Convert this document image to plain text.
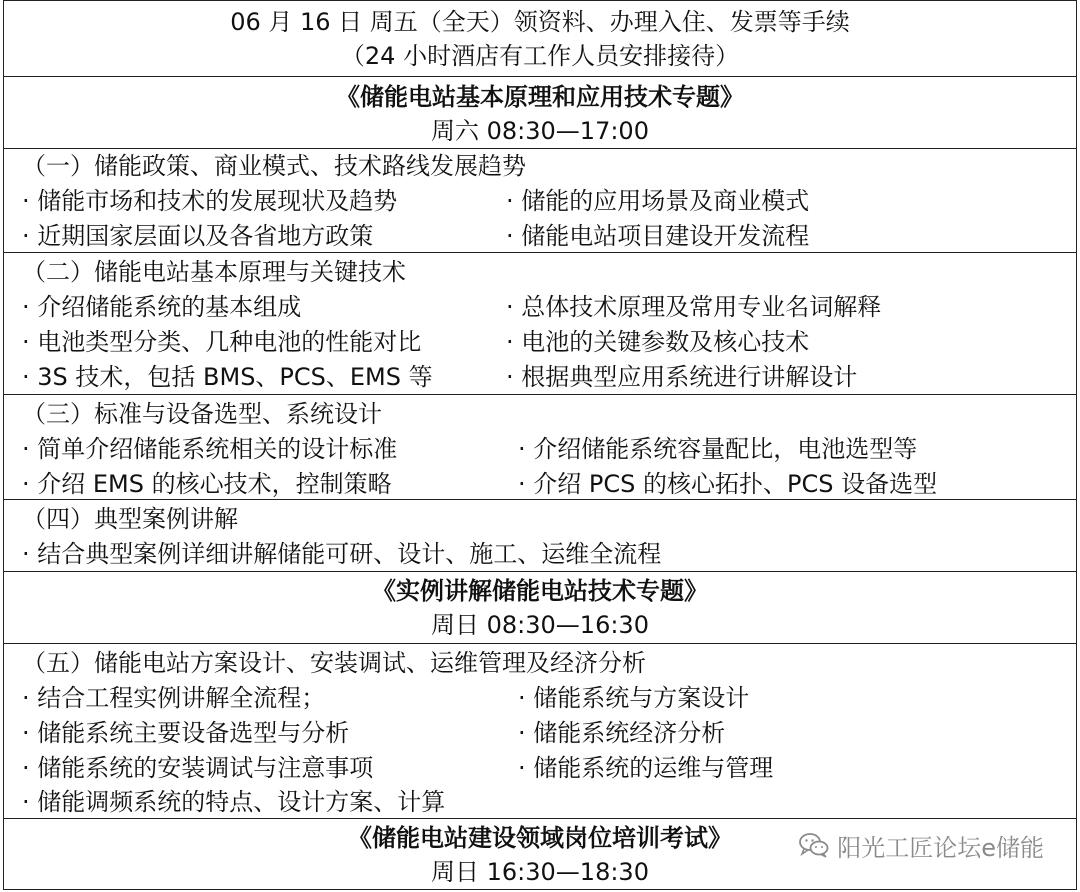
06 月 16 日 周五（全天）领资料、办理入住、发票等手续
（24 小时酒店有工作人员安排接待）
《储能电站基本原理和应用技术专题》
周六 08:30—17:00
（一）储能政策、商业模式、技术路线发展趋势
· 储能市场和技术的发展现状及趋势
· 近期国家层面以及各省地方政策
· 储能的应用场景及商业模式
· 储能电站项目建设开发流程
（二）储能电站基本原理与关键技术
· 介绍储能系统的基本组成
· 电池类型分类、几种电池的性能对比
· 3S 技术，包括 BMS、PCS、EMS 等
· 总体技术原理及常用专业名词解释
· 电池的关键参数及核心技术
· 根据典型应用系统进行讲解设计
（三）标准与设备选型、系统设计
· 简单介绍储能系统相关的设计标准
· 介绍 EMS 的核心技术，控制策略
· 介绍储能系统容量配比，电池选型等
· 介绍 PCS 的核心拓扑、PCS 设备选型
（四）典型案例讲解
· 结合典型案例详细讲解储能可研、设计、施工、运维全流程
《实例讲解储能电站技术专题》
周日 08:30—16:30
（五）储能电站方案设计、安装调试、运维管理及经济分析
· 结合工程实例讲解全流程；
· 储能系统主要设备选型与分析
· 储能系统的安装调试与注意事项
· 储能调频系统的特点、设计方案、计算
· 储能系统与方案设计
· 储能系统经济分析
· 储能系统的运维与管理
《储能电站建设领域岗位培训考试》
周日 16:30—18:30
阳光工匠论坛e储能
